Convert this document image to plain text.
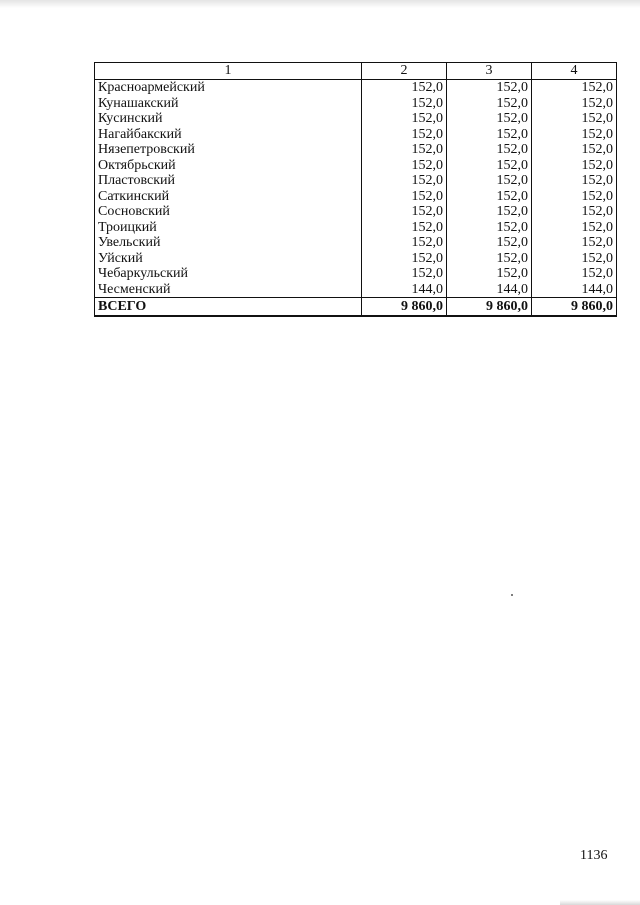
1	2	3	4
Красноармейский	152,0	152,0	152,0
Кунашакский	152,0	152,0	152,0
Кусинский	152,0	152,0	152,0
Нагайбакский	152,0	152,0	152,0
Нязепетровский	152,0	152,0	152,0
Октябрьский	152,0	152,0	152,0
Пластовский	152,0	152,0	152,0
Саткинский	152,0	152,0	152,0
Сосновский	152,0	152,0	152,0
Троицкий	152,0	152,0	152,0
Увельский	152,0	152,0	152,0
Уйский	152,0	152,0	152,0
Чебаркульский	152,0	152,0	152,0
Чесменский	144,0	144,0	144,0
ВСЕГО	9 860,0	9 860,0	9 860,0
1136
